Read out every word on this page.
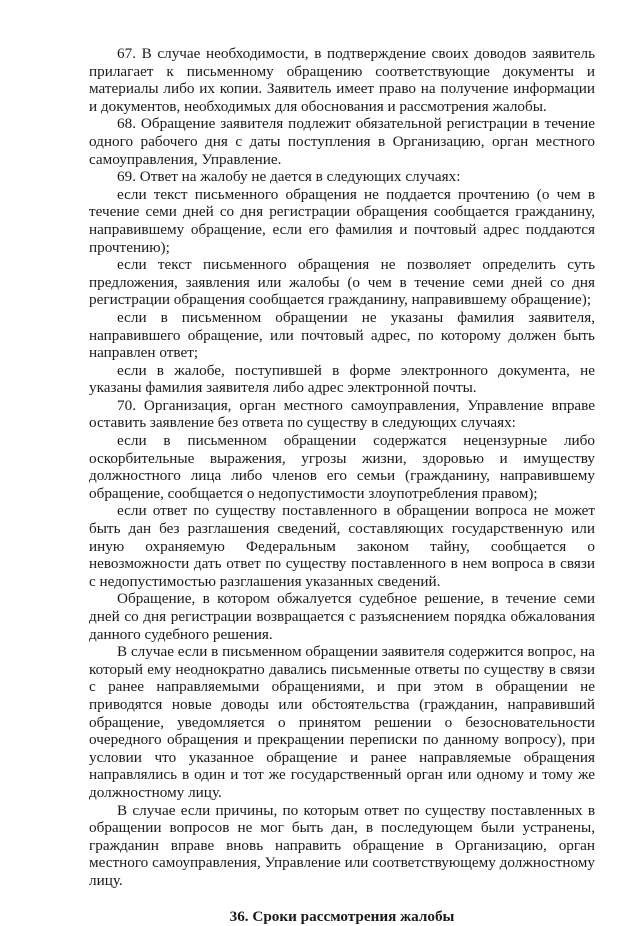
67. В случае необходимости, в подтверждение своих доводов заявитель прилагает к письменному обращению соответствующие документы и материалы либо их копии. Заявитель имеет право на получение информации и документов, необходимых для обоснования и рассмотрения жалобы.

68. Обращение заявителя подлежит обязательной регистрации в течение одного рабочего дня с даты поступления в Организацию, орган местного самоуправления, Управление.

69. Ответ на жалобу не дается в следующих случаях:

если текст письменного обращения не поддается прочтению (о чем в течение семи дней со дня регистрации обращения сообщается гражданину, направившему обращение, если его фамилия и почтовый адрес поддаются прочтению);

если текст письменного обращения не позволяет определить суть предложения, заявления или жалобы (о чем в течение семи дней со дня регистрации обращения сообщается гражданину, направившему обращение);

если в письменном обращении не указаны фамилия заявителя, направившего обращение, или почтовый адрес, по которому должен быть направлен ответ;

если в жалобе, поступившей в форме электронного документа, не указаны фамилия заявителя либо адрес электронной почты.

70. Организация, орган местного самоуправления, Управление вправе оставить заявление без ответа по существу в следующих случаях:

если в письменном обращении содержатся нецензурные либо оскорбительные выражения, угрозы жизни, здоровью и имуществу должностного лица либо членов его семьи (гражданину, направившему обращение, сообщается о недопустимости злоупотребления правом);

если ответ по существу поставленного в обращении вопроса не может быть дан без разглашения сведений, составляющих государственную или иную охраняемую Федеральным законом тайну, сообщается о невозможности дать ответ по существу поставленного в нем вопроса в связи с недопустимостью разглашения указанных сведений.

Обращение, в котором обжалуется судебное решение, в течение семи дней со дня регистрации возвращается с разъяснением порядка обжалования данного судебного решения.

В случае если в письменном обращении заявителя содержится вопрос, на который ему неоднократно давались письменные ответы по существу в связи с ранее направляемыми обращениями, и при этом в обращении не приводятся новые доводы или обстоятельства (гражданин, направивший обращение, уведомляется о принятом решении о безосновательности очередного обращения и прекращении переписки по данному вопросу), при условии что указанное обращение и ранее направляемые обращения направлялись в один и тот же государственный орган или одному и тому же должностному лицу.

В случае если причины, по которым ответ по существу поставленных в обращении вопросов не мог быть дан, в последующем были устранены, гражданин вправе вновь направить обращение в Организацию, орган местного самоуправления, Управление или соответствующему должностному лицу.

36. Сроки рассмотрения жалобы
